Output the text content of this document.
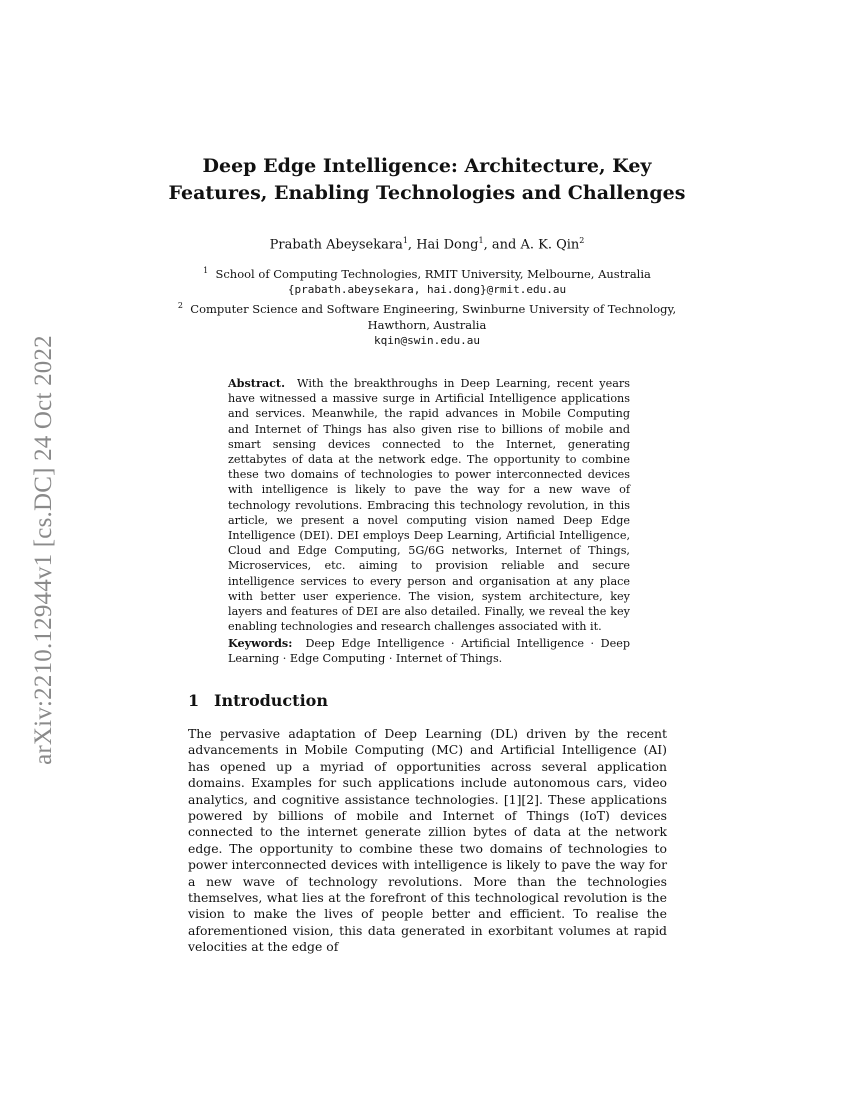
arXiv:2210.12944v1 [cs.DC] 24 Oct 2022
Deep Edge Intelligence: Architecture, Key Features, Enabling Technologies and Challenges
Prabath Abeysekara$^1$, Hai Dong$^1$, and A. K. Qin$^2$
$^1$ School of Computing Technologies, RMIT University, Melbourne, Australia
{prabath.abeysekara, hai.dong}@rmit.edu.au
$^2$ Computer Science and Software Engineering, Swinburne University of Technology, Hawthorn, Australia
kqin@swin.edu.au
Abstract. With the breakthroughs in Deep Learning, recent years have witnessed a massive surge in Artificial Intelligence applications and services. Meanwhile, the rapid advances in Mobile Computing and Internet of Things has also given rise to billions of mobile and smart sensing devices connected to the Internet, generating zettabytes of data at the network edge. The opportunity to combine these two domains of technologies to power interconnected devices with intelligence is likely to pave the way for a new wave of technology revolutions. Embracing this technology revolution, in this article, we present a novel computing vision named Deep Edge Intelligence (DEI). DEI employs Deep Learning, Artificial Intelligence, Cloud and Edge Computing, 5G/6G networks, Internet of Things, Microservices, etc. aiming to provision reliable and secure intelligence services to every person and organisation at any place with better user experience. The vision, system architecture, key layers and features of DEI are also detailed. Finally, we reveal the key enabling technologies and research challenges associated with it.
Keywords: Deep Edge Intelligence · Artificial Intelligence · Deep Learning · Edge Computing · Internet of Things.
1 Introduction
The pervasive adaptation of Deep Learning (DL) driven by the recent advancements in Mobile Computing (MC) and Artificial Intelligence (AI) has opened up a myriad of opportunities across several application domains. Examples for such applications include autonomous cars, video analytics, and cognitive assistance technologies. [1][2]. These applications powered by billions of mobile and Internet of Things (IoT) devices connected to the internet generate zillion bytes of data at the network edge. The opportunity to combine these two domains of technologies to power interconnected devices with intelligence is likely to pave the way for a new wave of technology revolutions. More than the technologies themselves, what lies at the forefront of this technological revolution is the vision to make the lives of people better and efficient. To realise the aforementioned vision, this data generated in exorbitant volumes at rapid velocities at the edge of
